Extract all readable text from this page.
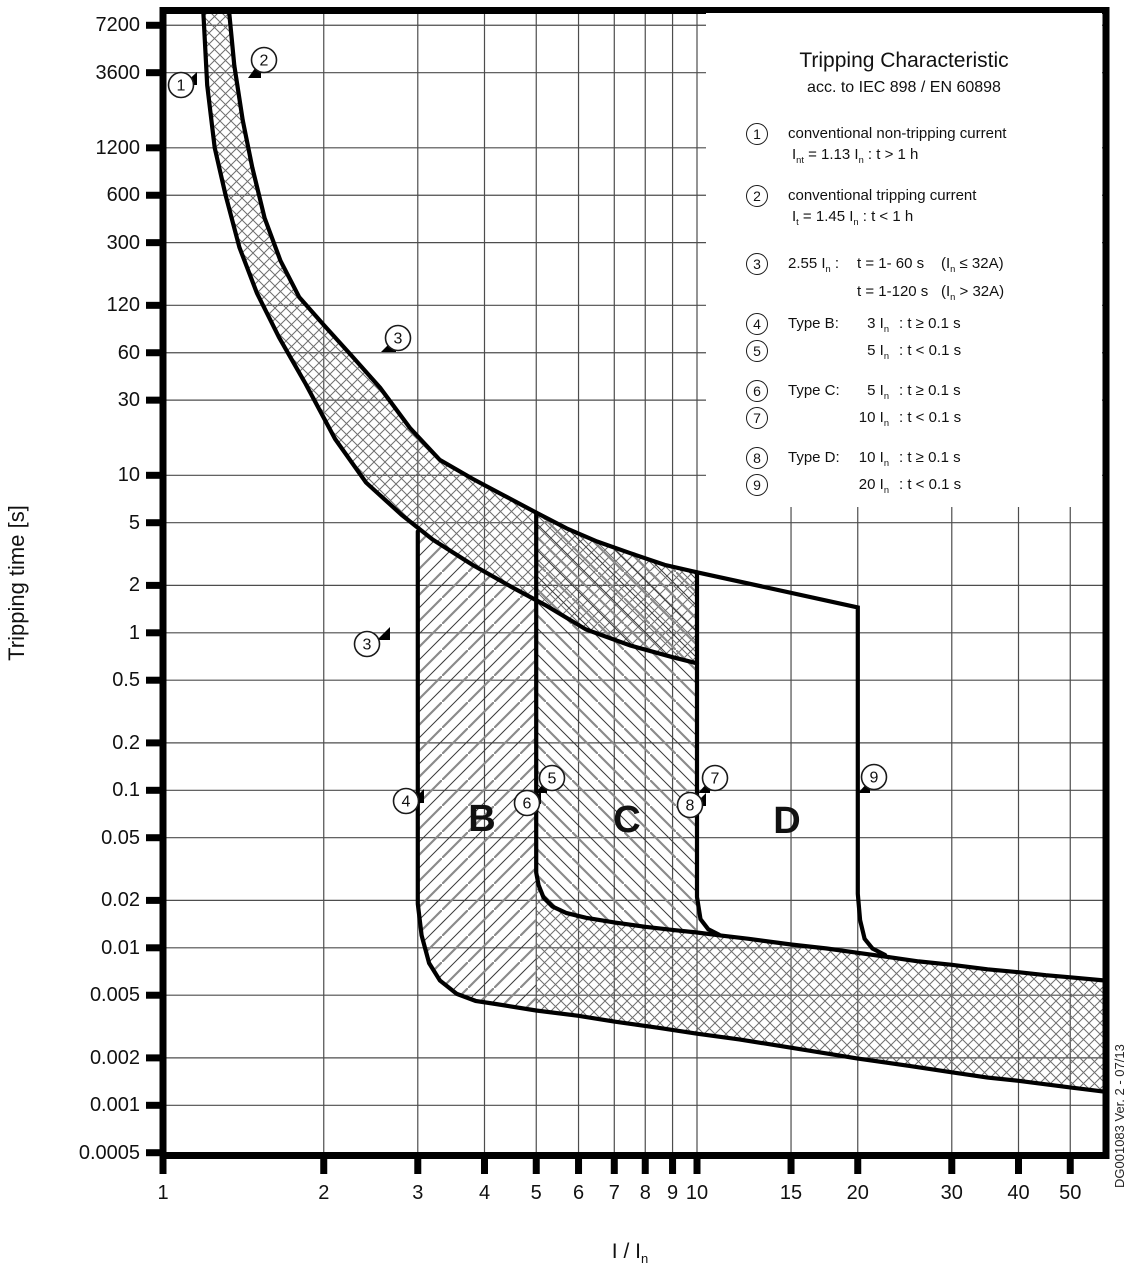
B	C	D
1
2
3
3
4
5
6
7
8
9
1	2	3	4	5	6	7 8 9 10	15	20	30	40	50
7200
3600
1200
600
300
120
60
30
10
5
2
1
0.5
0.2
0.1
0.05
0.02
0.01
0.005
0.002
0.001
0.0005
Tripping time [s]
I / $I_n$
DG001083 Ver. 2 - 07/13
Tripping Characteristic
acc. to IEC 898 / EN 60898
1	conventional non-tripping current
$I_{nt} = 1.13$ $I_n$ : t > 1 h
2	conventional tripping current
$I_t = 1.45$ $I_n$ : t < 1 h
3	2.55 $I_n$ : t = 1- 60 s $(I_n \le 32A)$
t = 1-120 s $(I_n > 32A)$
4	Type B:	3 $I_n$ : t ≥ 0.1 s
5	5 $I_n$ : t < 0.1 s
6	Type C:	5 $I_n$ : t ≥ 0.1 s
7	10 $I_n$ : t < 0.1 s
8	Type D:	10 $I_n$ : t ≥ 0.1 s
9	20 $I_n$ : t < 0.1 s
